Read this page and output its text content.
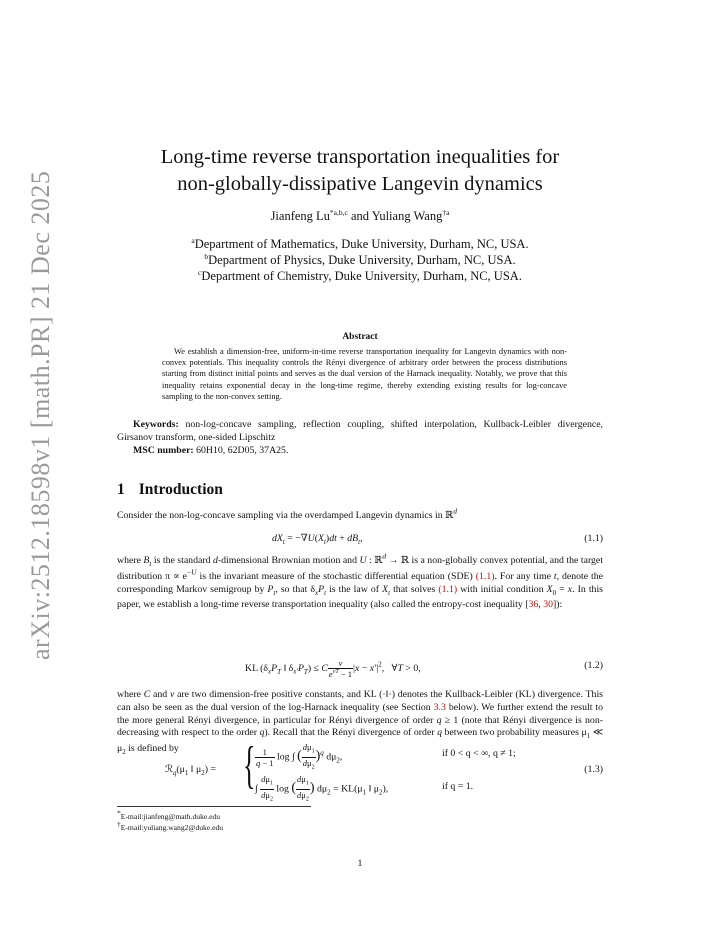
arXiv:2512.18598v1 [math.PR] 21 Dec 2025
Long-time reverse transportation inequalities for
non-globally-dissipative Langevin dynamics
Jianfeng Lu$^{*a,b,c}$ and Yuliang Wang$^{\dagger a}$
$^a$Department of Mathematics, Duke University, Durham, NC, USA.
$^b$Department of Physics, Duke University, Durham, NC, USA.
$^c$Department of Chemistry, Duke University, Durham, NC, USA.
Abstract
We establish a dimension-free, uniform-in-time reverse transportation inequality for Langevin dynamics with non-convex potentials. This inequality controls the Rényi divergence of arbitrary order between the process distributions starting from distinct initial points and serves as the dual version of the Harnack inequality. Notably, we prove that this inequality retains exponential decay in the long-time regime, thereby extending existing results for log-concave sampling to the non-convex setting.
Keywords: non-log-concave sampling, reflection coupling, shifted interpolation, Kullback-Leibler divergence, Girsanov transform, one-sided Lipschitz
MSC number: 60H10, 62D05, 37A25.
1 Introduction
Consider the non-log-concave sampling via the overdamped Langevin dynamics in ℝ$^d$
$dX_t = -\nabla U(X_t)dt + dB_t$,	(1.1)
where $B_t$ is the standard d-dimensional Brownian motion and U : ℝ$^d$ → ℝ is a non-globally convex potential, and the target distribution $\pi \propto e^{-U}$ is the invariant measure of the stochastic differential equation (SDE) (1.1). For any time t, denote the corresponding Markov semigroup by $P_t$, so that $\delta_xP_t$ is the law of $X_t$ that solves (1.1) with initial condition $X_0 = x$. In this paper, we establish a long-time reverse transportation inequality (also called the entropy-cost inequality [36, 30]):
KL ($\delta_xP_T$ ‖ $\delta_{x'}P_T) \le C \frac{\nu}{e^{\nu T} - 1} |x - x'|^2$,   ∀T > 0,	(1.2)
where C and ν are two dimension-free positive constants, and KL (·‖·) denotes the Kullback-Leibler (KL) divergence. This can also be seen as the dual version of the log-Harnack inequality (see Section 3.3 below). We further extend the result to the more general Rényi divergence, in particular for Rényi divergence of order q ≥ 1 (note that Rényi divergence is non-decreasing with respect to the order q). Recall that the Rényi divergence of order q between two probability measures $\mu_1$ ≪ $\mu_2$ is defined by
$ℛ_q(\mu_1$ ‖ $\mu_2$) = { $\frac{1}{q - 1}$ log ∫ ( $\frac{d\mu_1}{d\mu_2} )^q$ $d\mu_2$,	if 0 < q < ∞, q ≠ 1;
∫ $\frac{d\mu_1}{d\mu_2}$ log ( $\frac{d\mu_1}{d\mu_2}$ ) $d\mu_2 = KL(\mu_1$ ‖ $\mu_2$),	if q = 1.
(1.3)
*E-mail:jianfeng@math.duke.edu
†E-mail:yuliang.wang2@duke.edu
1
